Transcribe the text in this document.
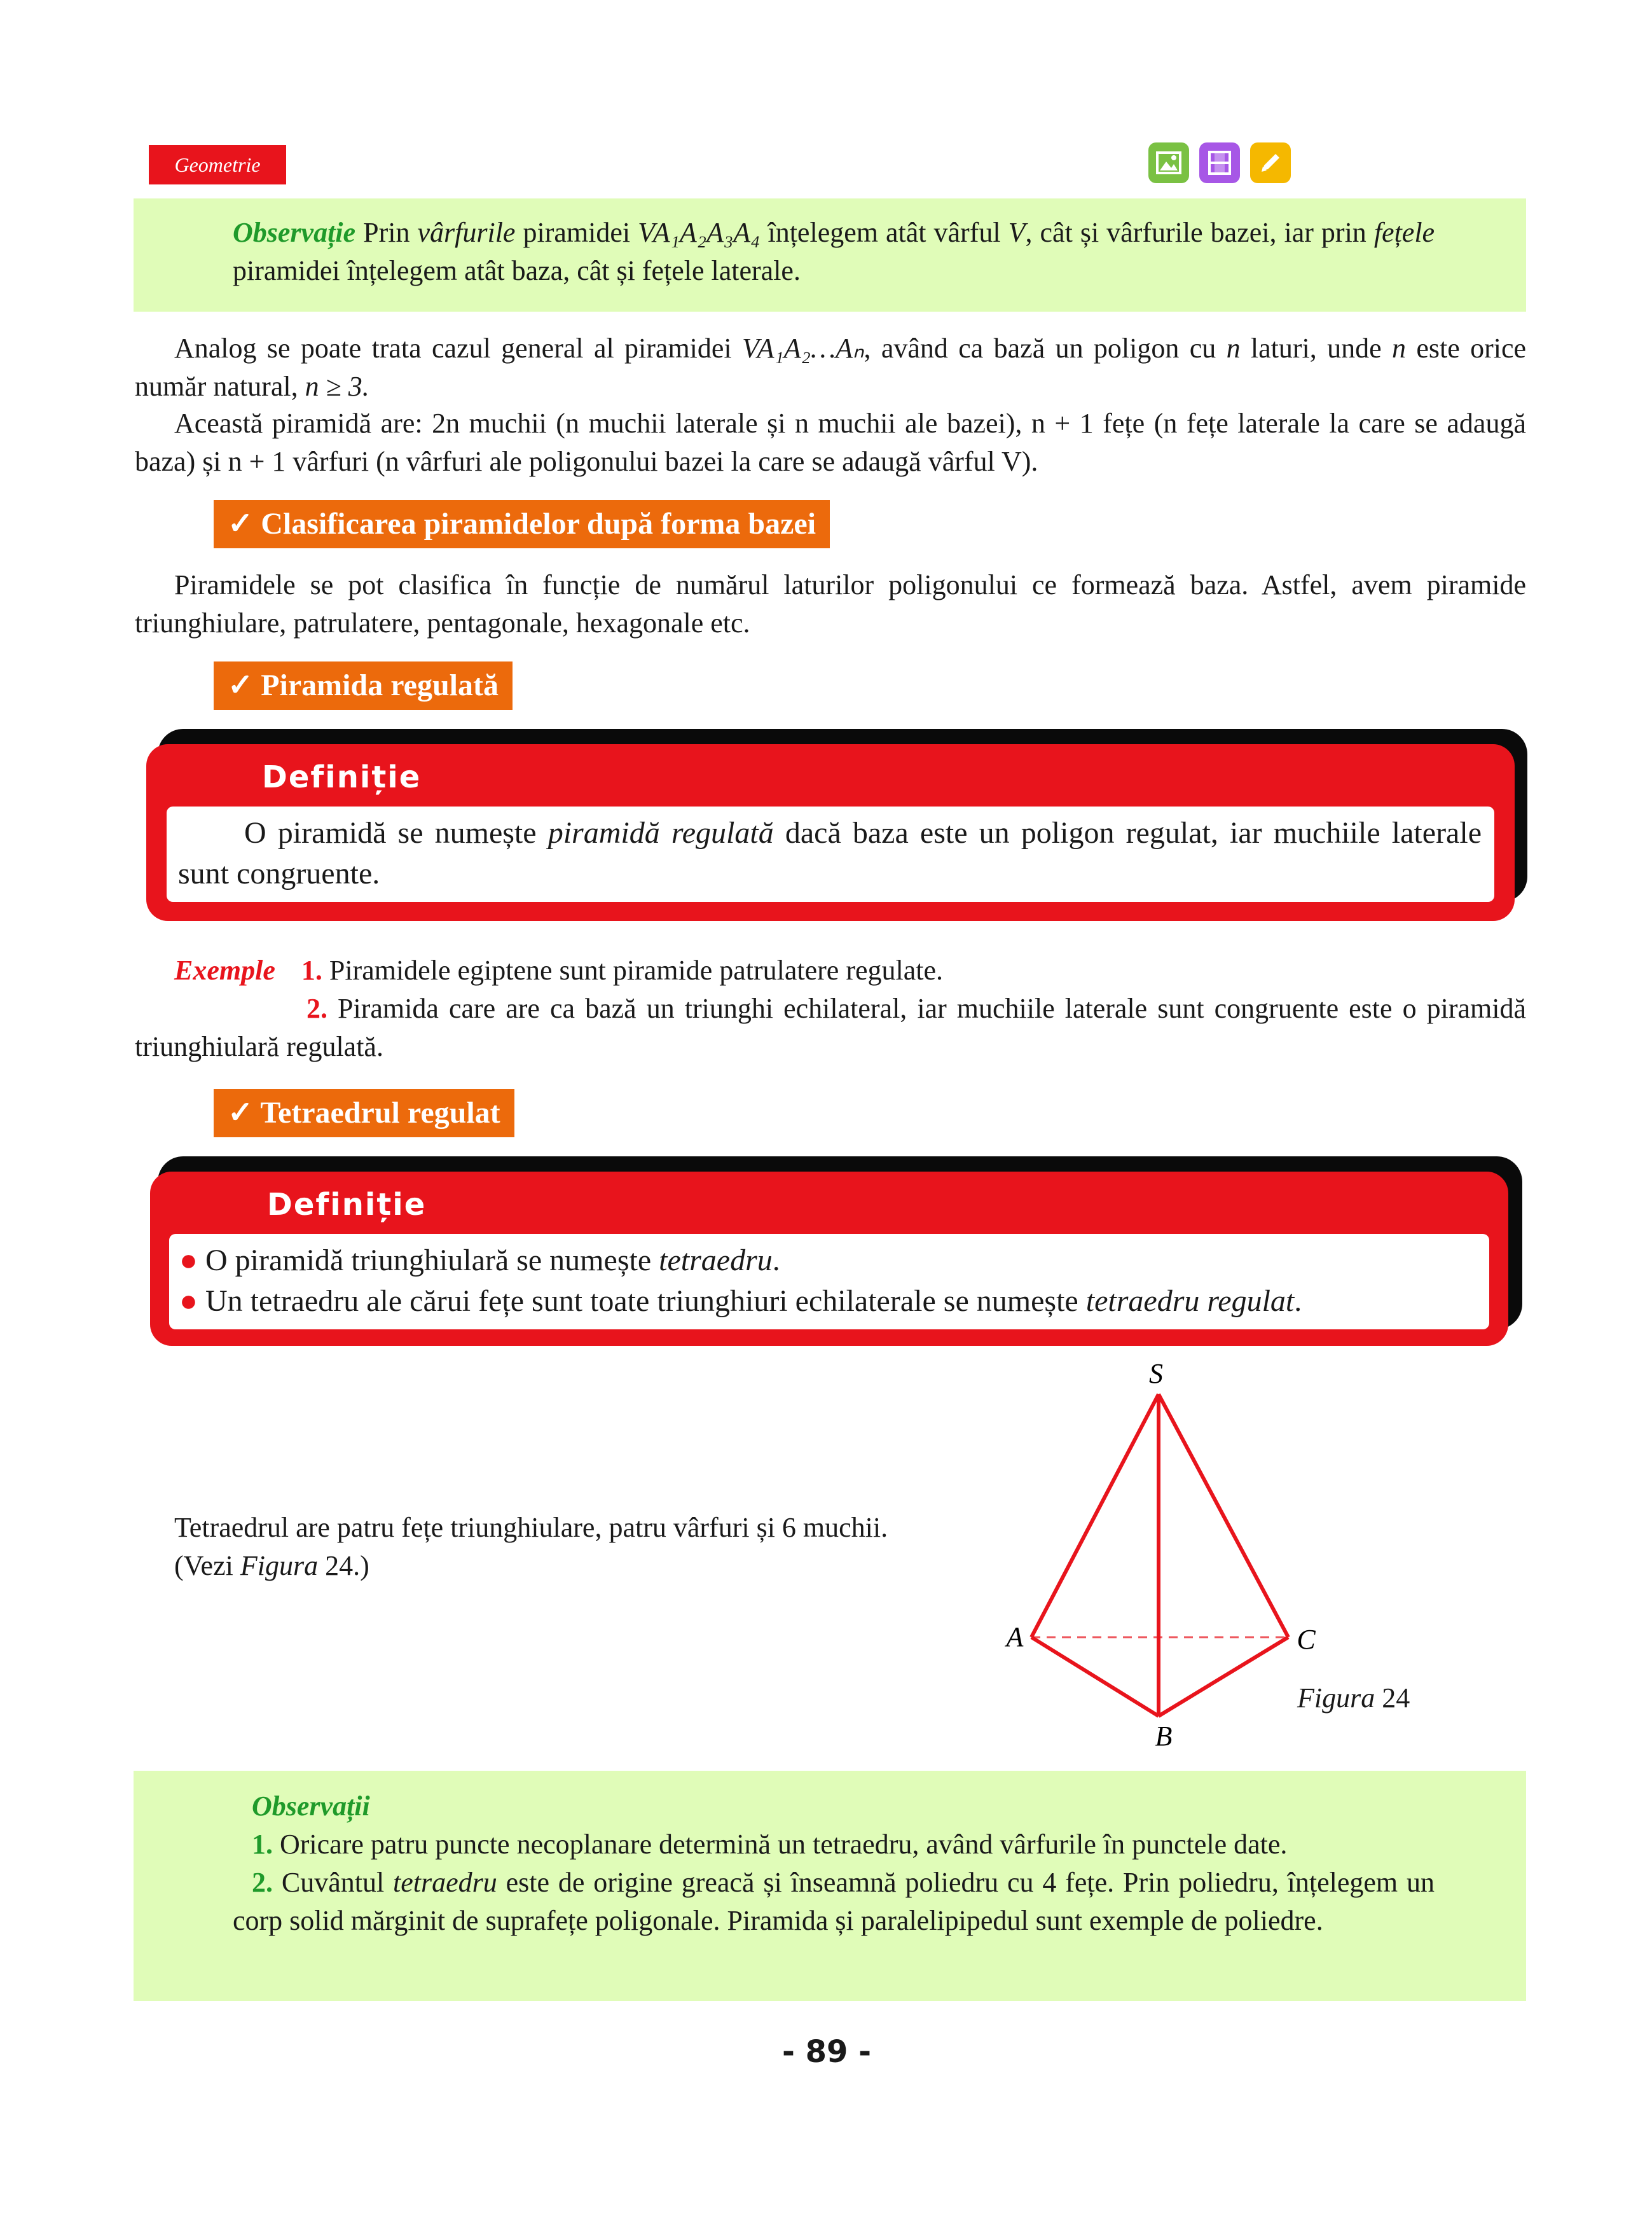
Geometrie
Observație Prin vârfurile piramidei VA₁A₂A₃A₄ înțelegem atât vârful V, cât și vârfurile bazei, iar prin fețele piramidei înțelegem atât baza, cât și fețele laterale.
Analog se poate trata cazul general al piramidei VA₁A₂…Aₙ, având ca bază un poligon cu n laturi, unde n este orice număr natural, n ≥ 3.
Această piramidă are: 2n muchii (n muchii laterale și n muchii ale bazei), n + 1 fețe (n fețe laterale la care se adaugă baza) și n + 1 vârfuri (n vârfuri ale poligonului bazei la care se adaugă vârful V).
✓ Clasificarea piramidelor după forma bazei
Piramidele se pot clasifica în funcție de numărul laturilor poligonului ce formează baza. Astfel, avem piramide triunghiulare, patrulatere, pentagonale, hexagonale etc.
✓ Piramida regulată
Definiție
O piramidă se numește piramidă regulată dacă baza este un poligon regulat, iar muchiile laterale sunt congruente.
Exemple 1. Piramidele egiptene sunt piramide patrulatere regulate.
2. Piramida care are ca bază un triunghi echilateral, iar muchiile laterale sunt congruente este o piramidă triunghiulară regulată.
✓ Tetraedrul regulat
Definiție
● O piramidă triunghiulară se numește tetraedru.
● Un tetraedru ale cărui fețe sunt toate triunghiuri echilaterale se numește tetraedru regulat.
Tetraedrul are patru fețe triunghiulare, patru vârfuri și 6 muchii.
(Vezi Figura 24.)
S
A	C
B
Figura 24
Observații
1. Oricare patru puncte necoplanare determină un tetraedru, având vârfurile în punctele date.
2. Cuvântul tetraedru este de origine greacă și înseamnă poliedru cu 4 fețe. Prin poliedru, înțelegem un corp solid mărginit de suprafețe poligonale. Piramida și paralelipipedul sunt exemple de poliedre.
- 89 -
